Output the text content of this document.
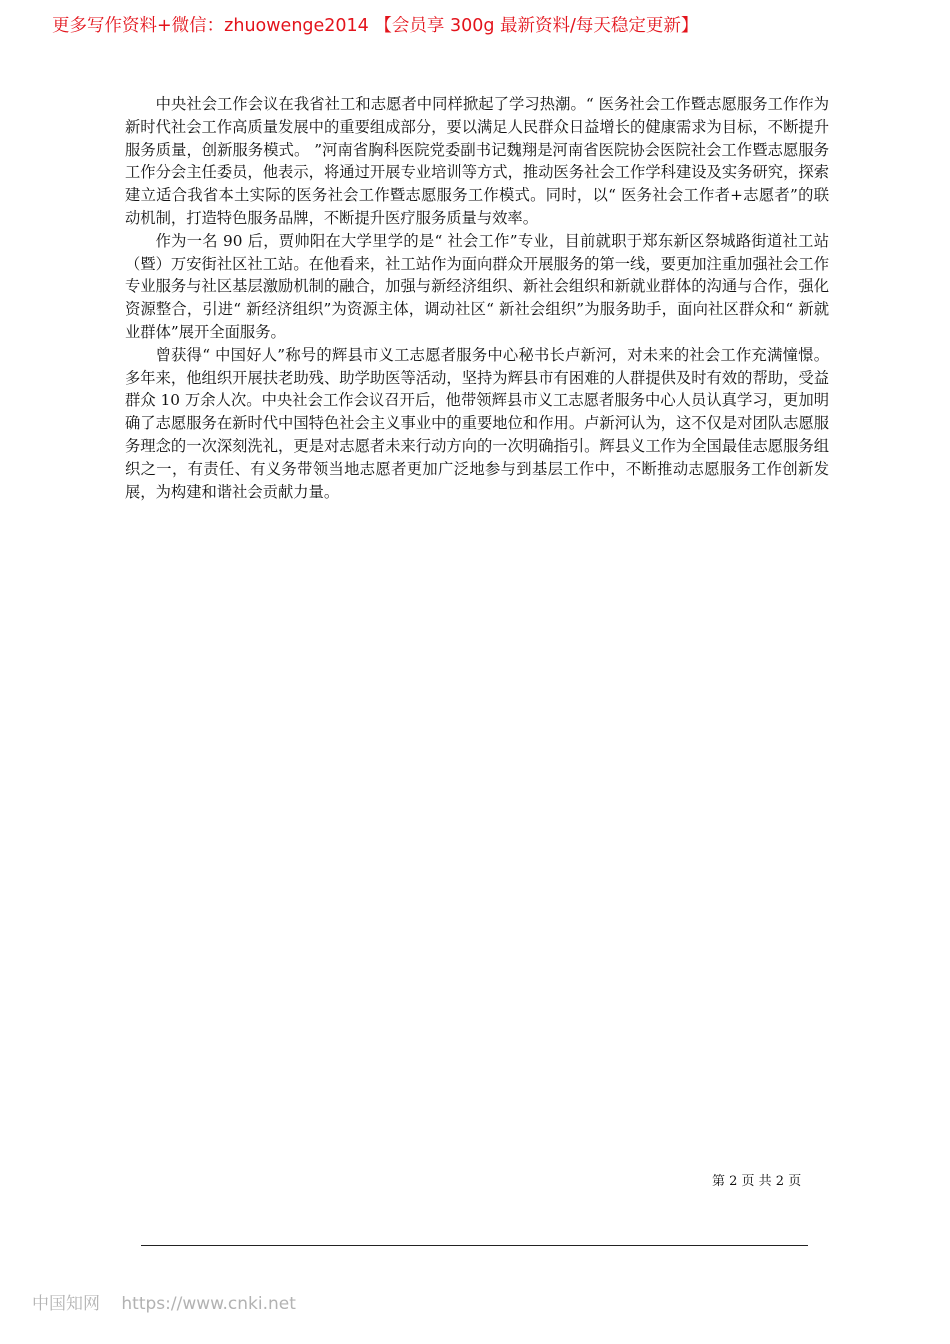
更多写作资料+微信：zhuowenge2014 【会员享 300g 最新资料/每天稳定更新】

中央社会工作会议在我省社工和志愿者中同样掀起了学习热潮。“ 医务社会工作暨志愿服务工作作为新时代社会工作高质量发展中的重要组成部分，要以满足人民群众日益增长的健康需求为目标，不断提升服务质量，创新服务模式。 ”河南省胸科医院党委副书记魏翔是河南省医院协会医院社会工作暨志愿服务工作分会主任委员，他表示，将通过开展专业培训等方式，推动医务社会工作学科建设及实务研究，探索建立适合我省本土实际的医务社会工作暨志愿服务工作模式。同时，以“ 医务社会工作者+志愿者”的联动机制，打造特色服务品牌，不断提升医疗服务质量与效率。

作为一名 90 后，贾帅阳在大学里学的是“ 社会工作”专业，目前就职于郑东新区祭城路街道社工站（暨）万安街社区社工站。在他看来，社工站作为面向群众开展服务的第一线，要更加注重加强社会工作专业服务与社区基层激励机制的融合，加强与新经济组织、新社会组织和新就业群体的沟通与合作，强化资源整合，引进“ 新经济组织”为资源主体，调动社区“ 新社会组织”为服务助手，面向社区群众和“ 新就业群体”展开全面服务。

曾获得“ 中国好人”称号的辉县市义工志愿者服务中心秘书长卢新河，对未来的社会工作充满憧憬。多年来，他组织开展扶老助残、助学助医等活动，坚持为辉县市有困难的人群提供及时有效的帮助，受益群众 10 万余人次。中央社会工作会议召开后，他带领辉县市义工志愿者服务中心人员认真学习，更加明确了志愿服务在新时代中国特色社会主义事业中的重要地位和作用。卢新河认为，这不仅是对团队志愿服务理念的一次深刻洗礼，更是对志愿者未来行动方向的一次明确指引。辉县义工作为全国最佳志愿服务组织之一，有责任、有义务带领当地志愿者更加广泛地参与到基层工作中，不断推动志愿服务工作创新发展，为构建和谐社会贡献力量。

第 2 页 共 2 页
中国知网 https://www.cnki.net
